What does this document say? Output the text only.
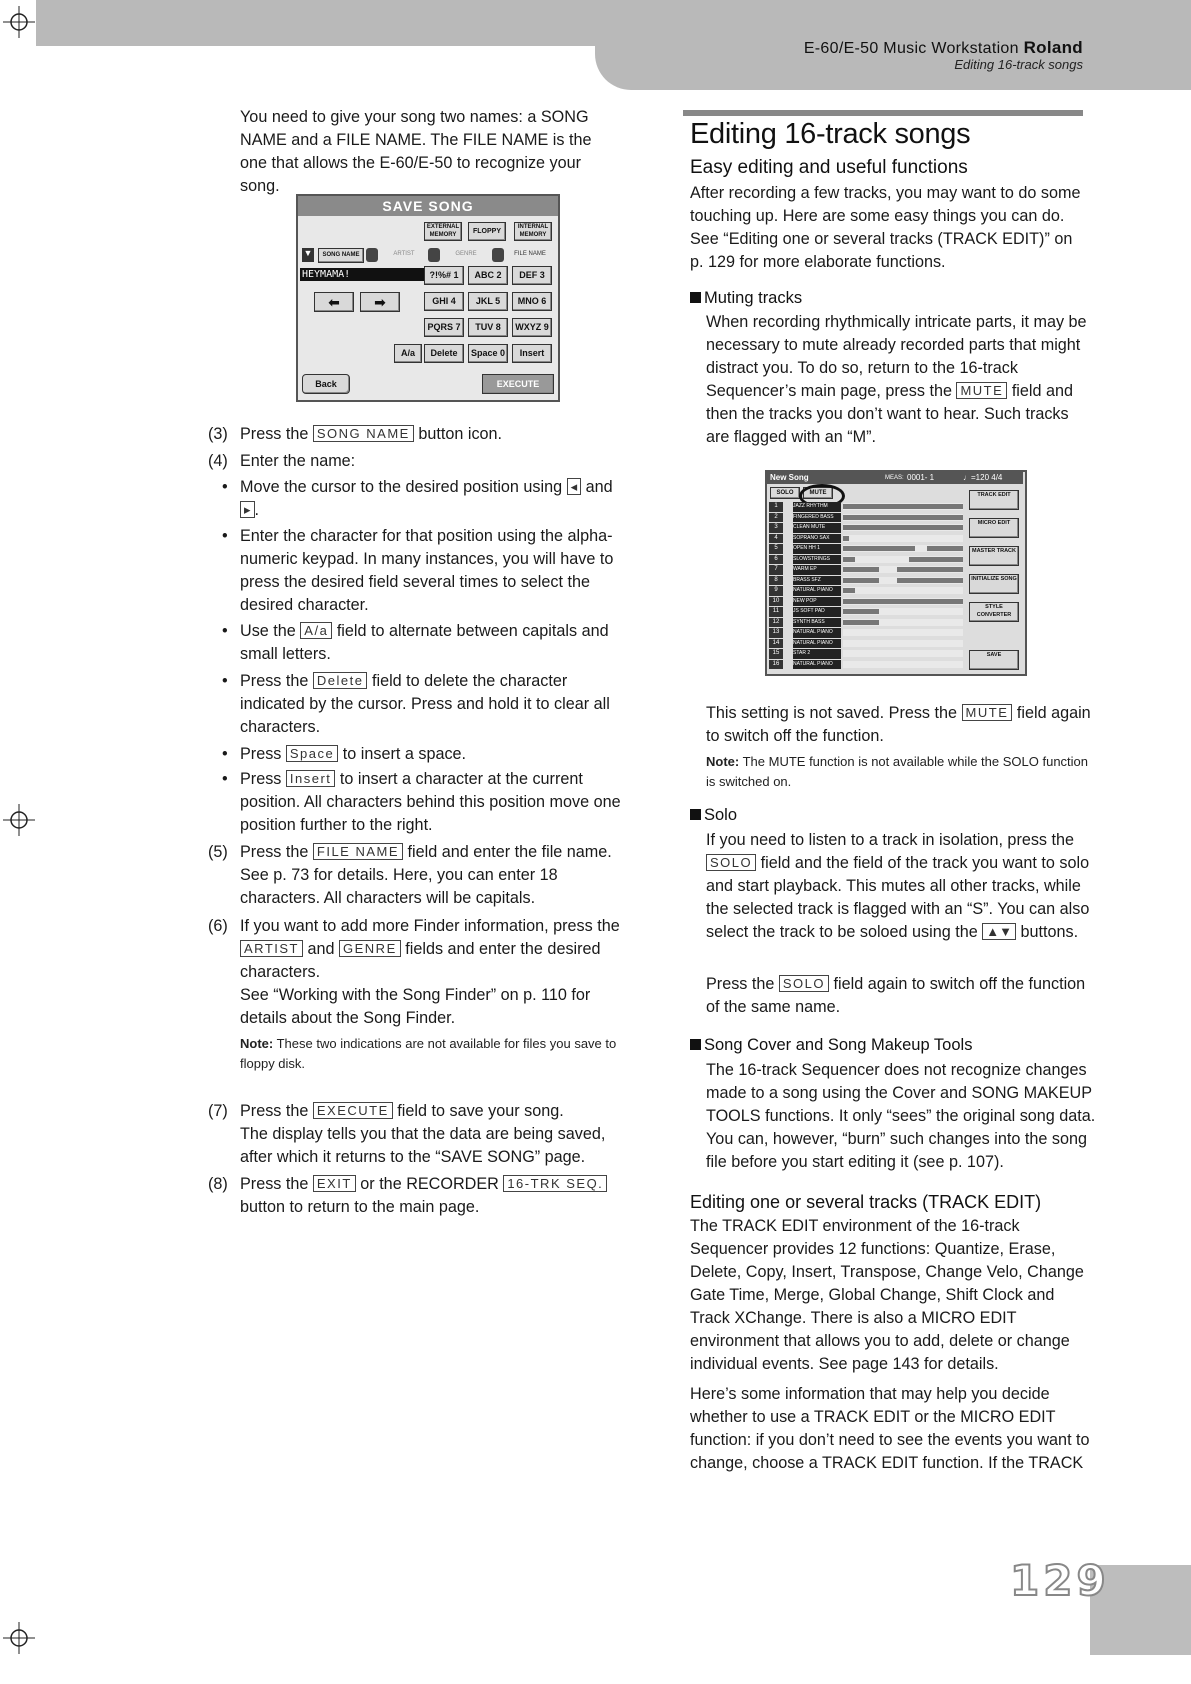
E-60/E-50 Music Workstation Roland
Editing 16-track songs

You need to give your song two names: a SONG NAME and a FILE NAME. The FILE NAME is the one that allows the E-60/E-50 to recognize your song.

SAVE SONG
EXTERNAL MEMORY	FLOPPY
INTERNAL MEMORY
▼	SONG NAME	ARTIST	GENRE	FILE NAME
HEYMAMA!
⬅	➡
?!%# 1	ABC 2	DEF 3
GHI 4	JKL 5	MNO 6
PQRS 7	TUV 8	WXYZ 9
A/a	Delete	Space 0	Insert
Back	EXECUTE
(3) Press the SONG NAME button icon.
(4) Enter the name:
• Move the cursor to the desired position using ◂ and ▸ .
• Enter the character for that position using the alpha-numeric keypad. In many instances, you will have to press the desired field several times to select the desired character.
• Use the A/a field to alternate between capitals and small letters.
• Press the Delete field to delete the character indicated by the cursor. Press and hold it to clear all characters.
• Press Space to insert a space.
• Press Insert to insert a character at the current position. All characters behind this position move one position further to the right.
(5) Press the FILE NAME field and enter the file name.
See p. 73 for details. Here, you can enter 18 characters. All characters will be capitals.
(6) If you want to add more Finder information, press the ARTIST and GENRE fields and enter the desired characters.
See “Working with the Song Finder” on p. 110 for details about the Song Finder.
Note: These two indications are not available for files you save to floppy disk.
(7) Press the EXECUTE field to save your song.
The display tells you that the data are being saved, after which it returns to the “SAVE SONG” page.
(8) Press the EXIT or the RECORDER 16-TRK SEQ. button to return to the main page.
Editing 16-track songs
Easy editing and useful functions

After recording a few tracks, you may want to do some touching up. Here are some easy things you can do. See “Editing one or several tracks (TRACK EDIT)” on p. 129 for more elaborate functions.

Muting tracks

When recording rhythmically intricate parts, it may be necessary to mute already recorded parts that might distract you. To do so, return to the 16-track Sequencer’s main page, press the MUTE field and then the tracks you don’t want to hear. Such tracks are flagged with an “M”.

New Song	MEAS: 0001- 1	♩=120 4/4
SOLO	MUTE
1	JAZZ RHYTHM
2	FINGERED BASS
3	CLEAN MUTE
4	SOPRANO SAX
5	OPEN HH 1
6	SLOWSTRINGS
7	WARM EP
8	BRASS SFZ
9	NATURAL PIANO
10	NEW POP
11	JS SOFT PAD
12	SYNTH BASS
13	NATURAL PIANO
14	NATURAL PIANO
15	STAR 2
16	NATURAL PIANO
TRACK EDIT
MICRO EDIT
MASTER TRACK
INITIALIZE SONG
STYLE CONVERTER
SAVE

This setting is not saved. Press the MUTE field again to switch off the function.

Note: The MUTE function is not available while the SOLO function is switched on.
Solo

If you need to listen to a track in isolation, press the SOLO field and the field of the track you want to solo and start playback. This mutes all other tracks, while the selected track is flagged with an “S”. You can also select the track to be soloed using the ▲▼ buttons.

Press the SOLO field again to switch off the function of the same name.

Song Cover and Song Makeup Tools

The 16-track Sequencer does not recognize changes made to a song using the Cover and SONG MAKEUP TOOLS functions. It only “sees” the original song data. You can, however, “burn” such changes into the song file before you start editing it (see p. 107).

Editing one or several tracks (TRACK EDIT)

The TRACK EDIT environment of the 16-track Sequencer provides 12 functions: Quantize, Erase, Delete, Copy, Insert, Transpose, Change Velo, Change Gate Time, Merge, Global Change, Shift Clock and Track XChange. There is also a MICRO EDIT environment that allows you to add, delete or change individual events. See page 143 for details.

Here’s some information that may help you decide whether to use a TRACK EDIT or the MICRO EDIT function: if you don’t need to see the events you want to change, choose a TRACK EDIT function. If the TRACK

129
